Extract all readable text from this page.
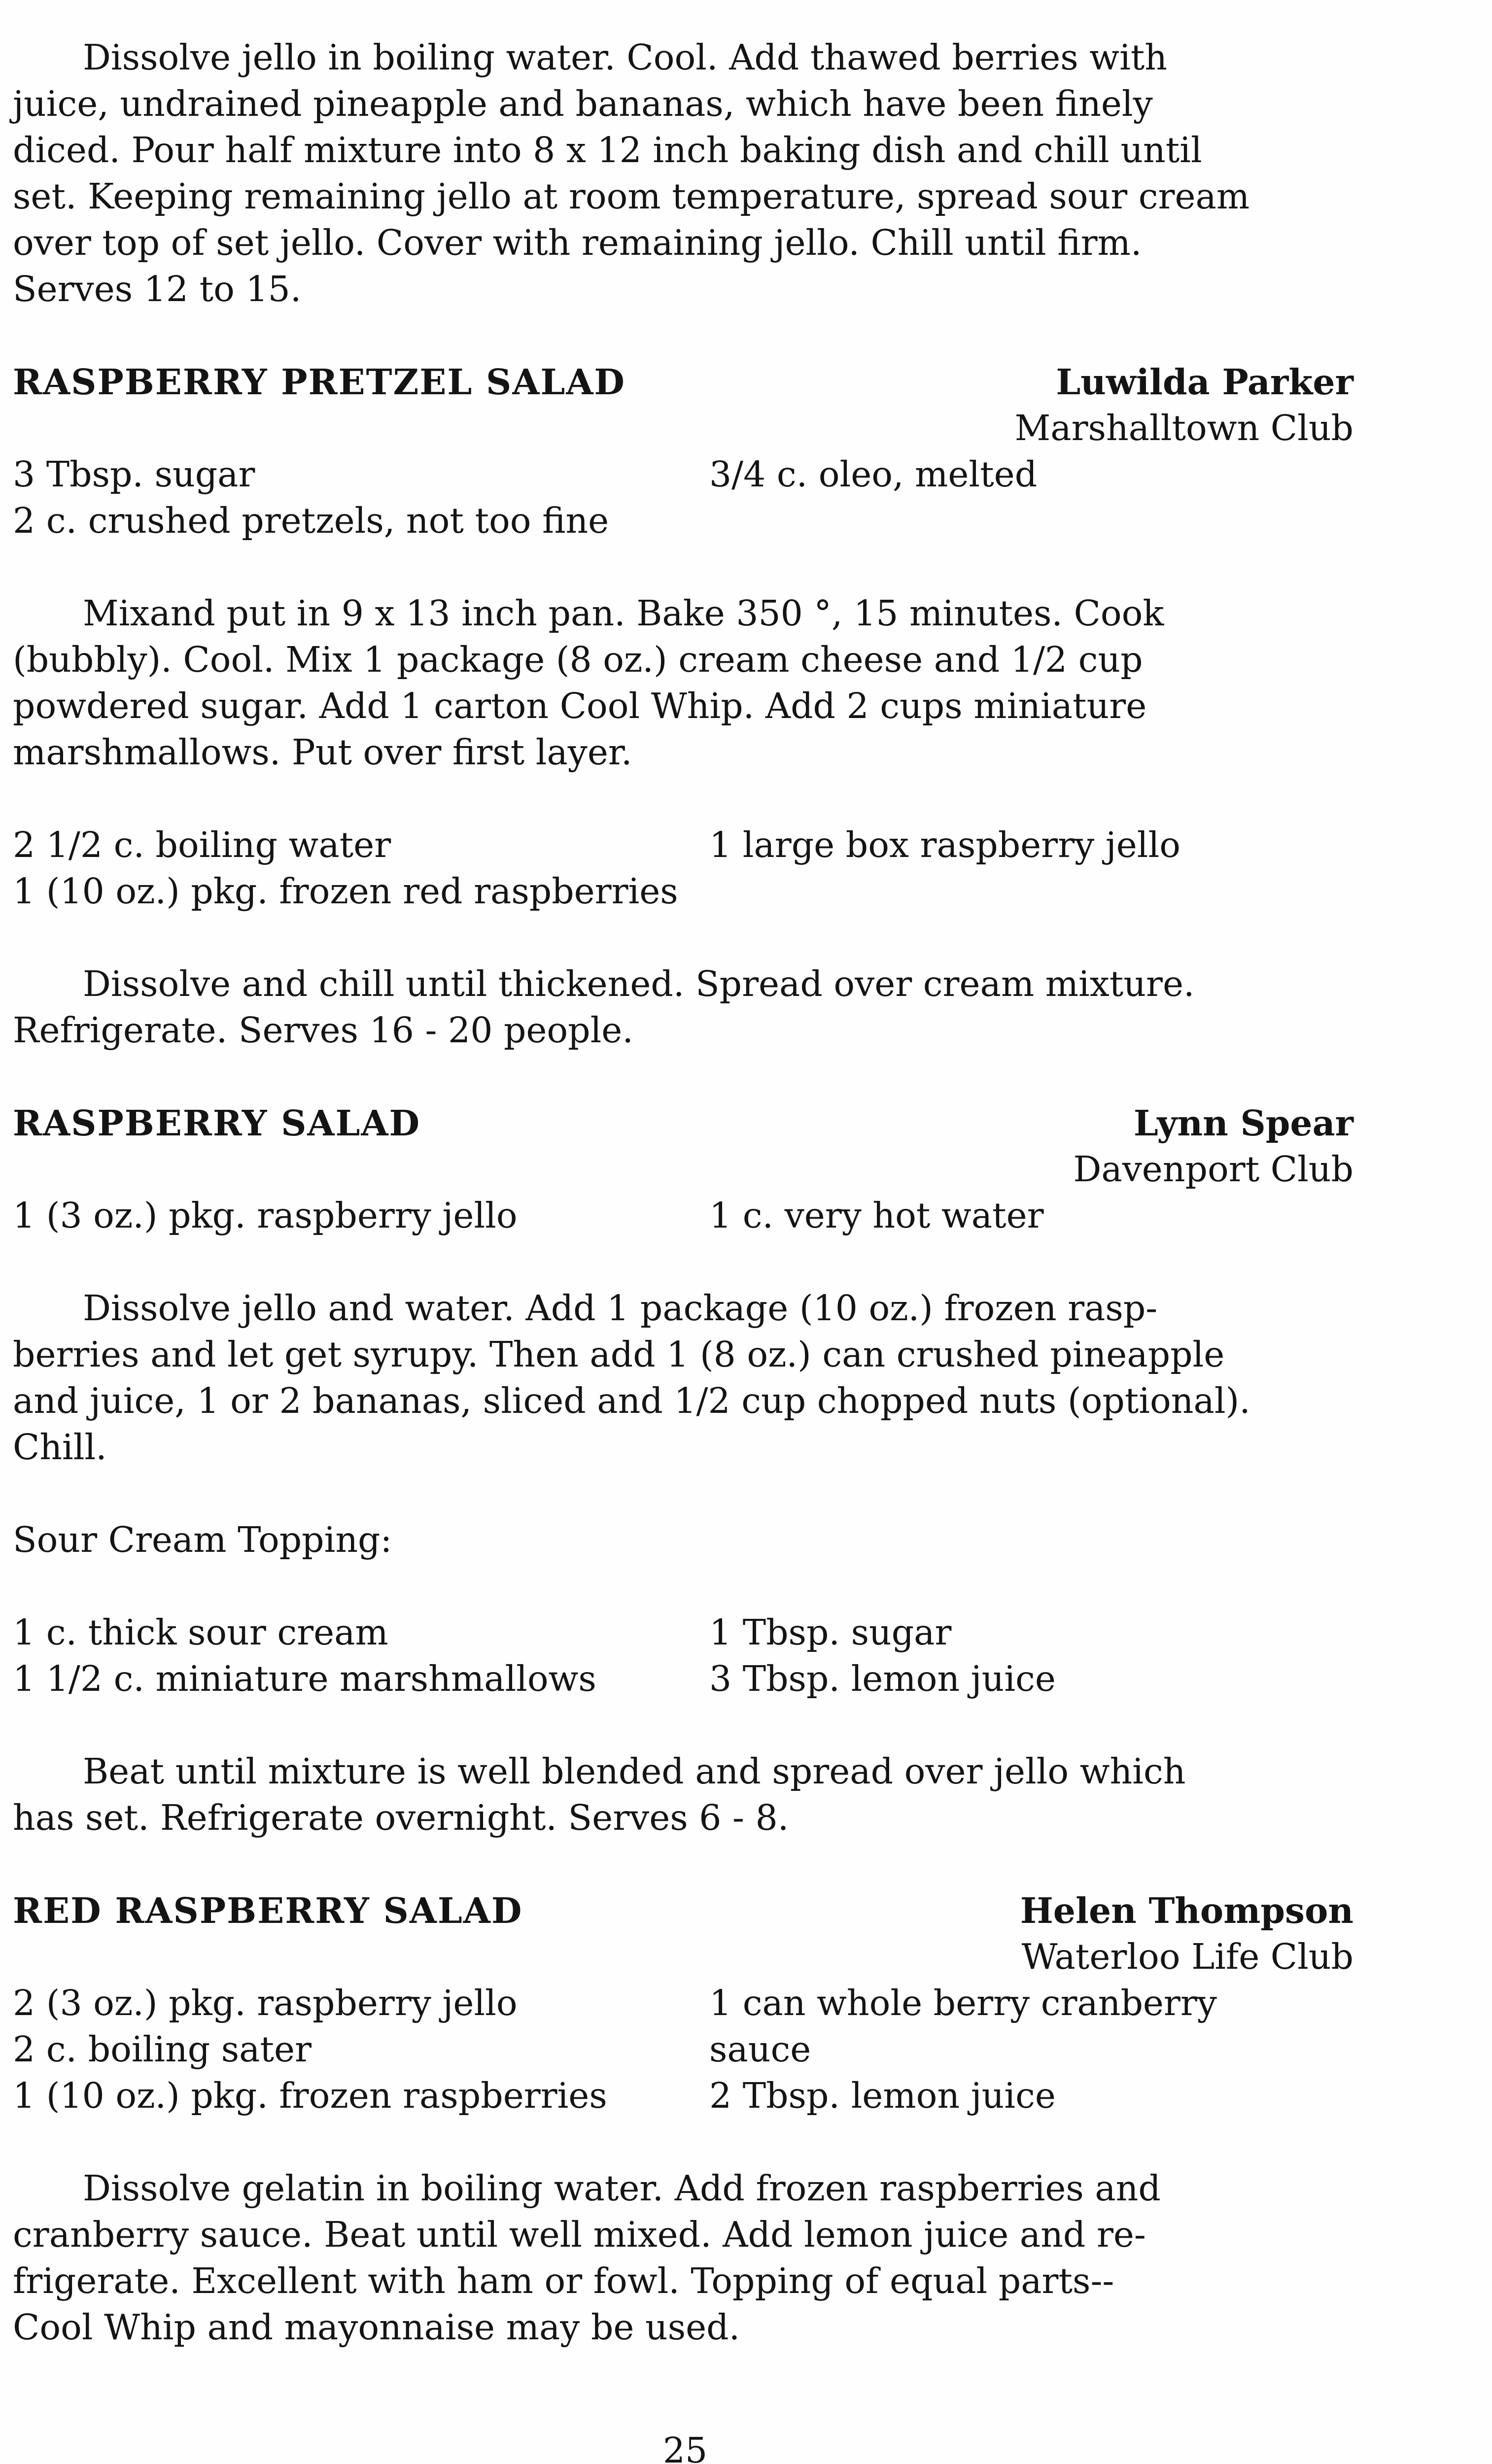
Dissolve jello in boiling water. Cool. Add thawed berries with

juice, undrained pineapple and bananas, which have been finely

diced. Pour half mixture into 8 x 12 inch baking dish and chill until

set. Keeping remaining jello at room temperature, spread sour cream

over top of set jello. Cover with remaining jello. Chill until firm.

Serves 12 to 15.

RASPBERRY PRETZEL SALAD	Luwilda Parker
Marshalltown Club
3 Tbsp. sugar	3/4 c. oleo, melted
2 c. crushed pretzels, not too fine

Mixand put in 9 x 13 inch pan. Bake 350 °, 15 minutes. Cook

(bubbly). Cool. Mix 1 package (8 oz.) cream cheese and 1/2 cup

powdered sugar. Add 1 carton Cool Whip. Add 2 cups miniature

marshmallows. Put over first layer.

2 1/2 c. boiling water	1 large box raspberry jello
1 (10 oz.) pkg. frozen red raspberries

Dissolve and chill until thickened. Spread over cream mixture.

Refrigerate. Serves 16 - 20 people.

RASPBERRY SALAD	Lynn Spear
Davenport Club
1 (3 oz.) pkg. raspberry jello	1 c. very hot water

Dissolve jello and water. Add 1 package (10 oz.) frozen rasp-

berries and let get syrupy. Then add 1 (8 oz.) can crushed pineapple

and juice, 1 or 2 bananas, sliced and 1/2 cup chopped nuts (optional).

Chill.

Sour Cream Topping:

1 c. thick sour cream	1 Tbsp. sugar
1 1/2 c. miniature marshmallows	3 Tbsp. lemon juice

Beat until mixture is well blended and spread over jello which

has set. Refrigerate overnight. Serves 6 - 8.

RED RASPBERRY SALAD	Helen Thompson
Waterloo Life Club
2 (3 oz.) pkg. raspberry jello	1 can whole berry cranberry
2 c. boiling sater	sauce
1 (10 oz.) pkg. frozen raspberries	2 Tbsp. lemon juice

Dissolve gelatin in boiling water. Add frozen raspberries and

cranberry sauce. Beat until well mixed. Add lemon juice and re-

frigerate. Excellent with ham or fowl. Topping of equal parts--

Cool Whip and mayonnaise may be used.

25
